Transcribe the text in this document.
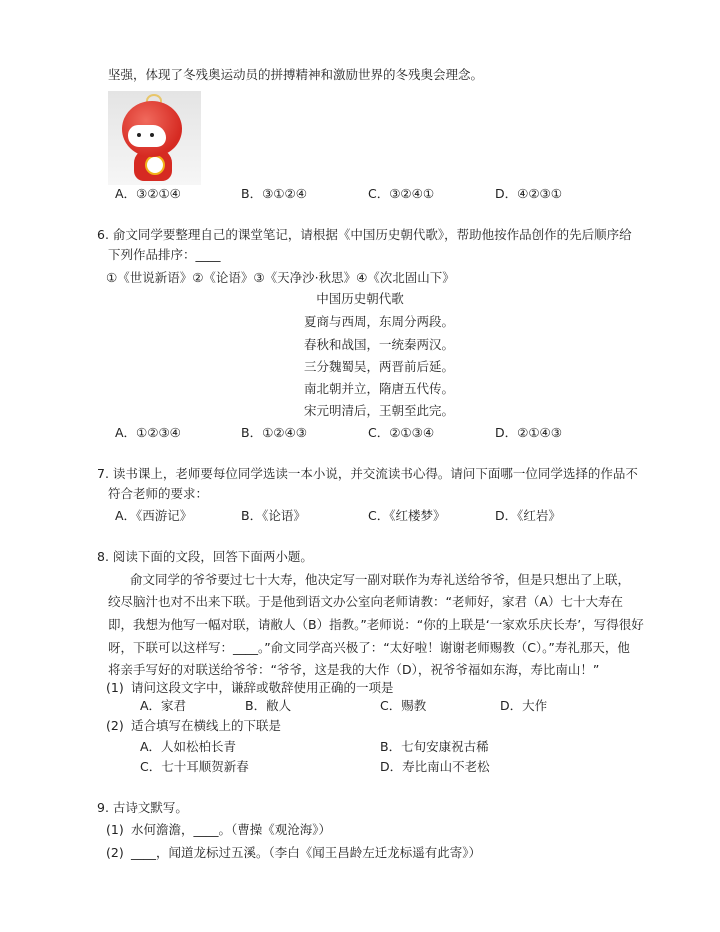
坚强，体现了冬残奥运动员的拼搏精神和激励世界的冬残奥会理念。
A．③②①④	B．③①②④	C．③②④①	D．④②③①
6. 俞文同学要整理自己的课堂笔记，请根据《中国历史朝代歌》，帮助他按作品创作的先后顺序给
下列作品排序：____
①《世说新语》②《论语》③《天净沙·秋思》④《次北固山下》
中国历史朝代歌
夏商与西周，东周分两段。
春秋和战国，一统秦两汉。
三分魏蜀吴，两晋前后延。
南北朝并立，隋唐五代传。
宋元明清后，王朝至此完。
A．①②③④	B．①②④③	C．②①③④	D．②①④③
7. 读书课上，老师要每位同学选读一本小说，并交流读书心得。请问下面哪一位同学选择的作品不
符合老师的要求：
A．《西游记》	B．《论语》	C．《红楼梦》	D．《红岩》
8. 阅读下面的文段，回答下面两小题。
俞文同学的爷爷要过七十大寿，他决定写一副对联作为寿礼送给爷爷，但是只想出了上联，
绞尽脑汁也对不出来下联。于是他到语文办公室向老师请教：“老师好，家君（A）七十大寿在
即，我想为他写一幅对联，请敝人（B）指教。”老师说：“你的上联是‘一家欢乐庆长寿’，写得很好
呀，下联可以这样写：____。”俞文同学高兴极了：“太好啦！谢谢老师赐教（C）。”寿礼那天，他
将亲手写好的对联送给爷爷：“爷爷，这是我的大作（D），祝爷爷福如东海，寿比南山！”
(1) 请问这段文字中，谦辞或敬辞使用正确的一项是
A．家君	B．敝人	C．赐教	D．大作
(2) 适合填写在横线上的下联是
A．人如松柏长青	B．七旬安康祝古稀
C．七十耳顺贺新春	D．寿比南山不老松
9. 古诗文默写。
(1) 水何澹澹，____。（曹操《观沧海》）
(2) ____，闻道龙标过五溪。（李白《闻王昌龄左迁龙标遥有此寄》）
